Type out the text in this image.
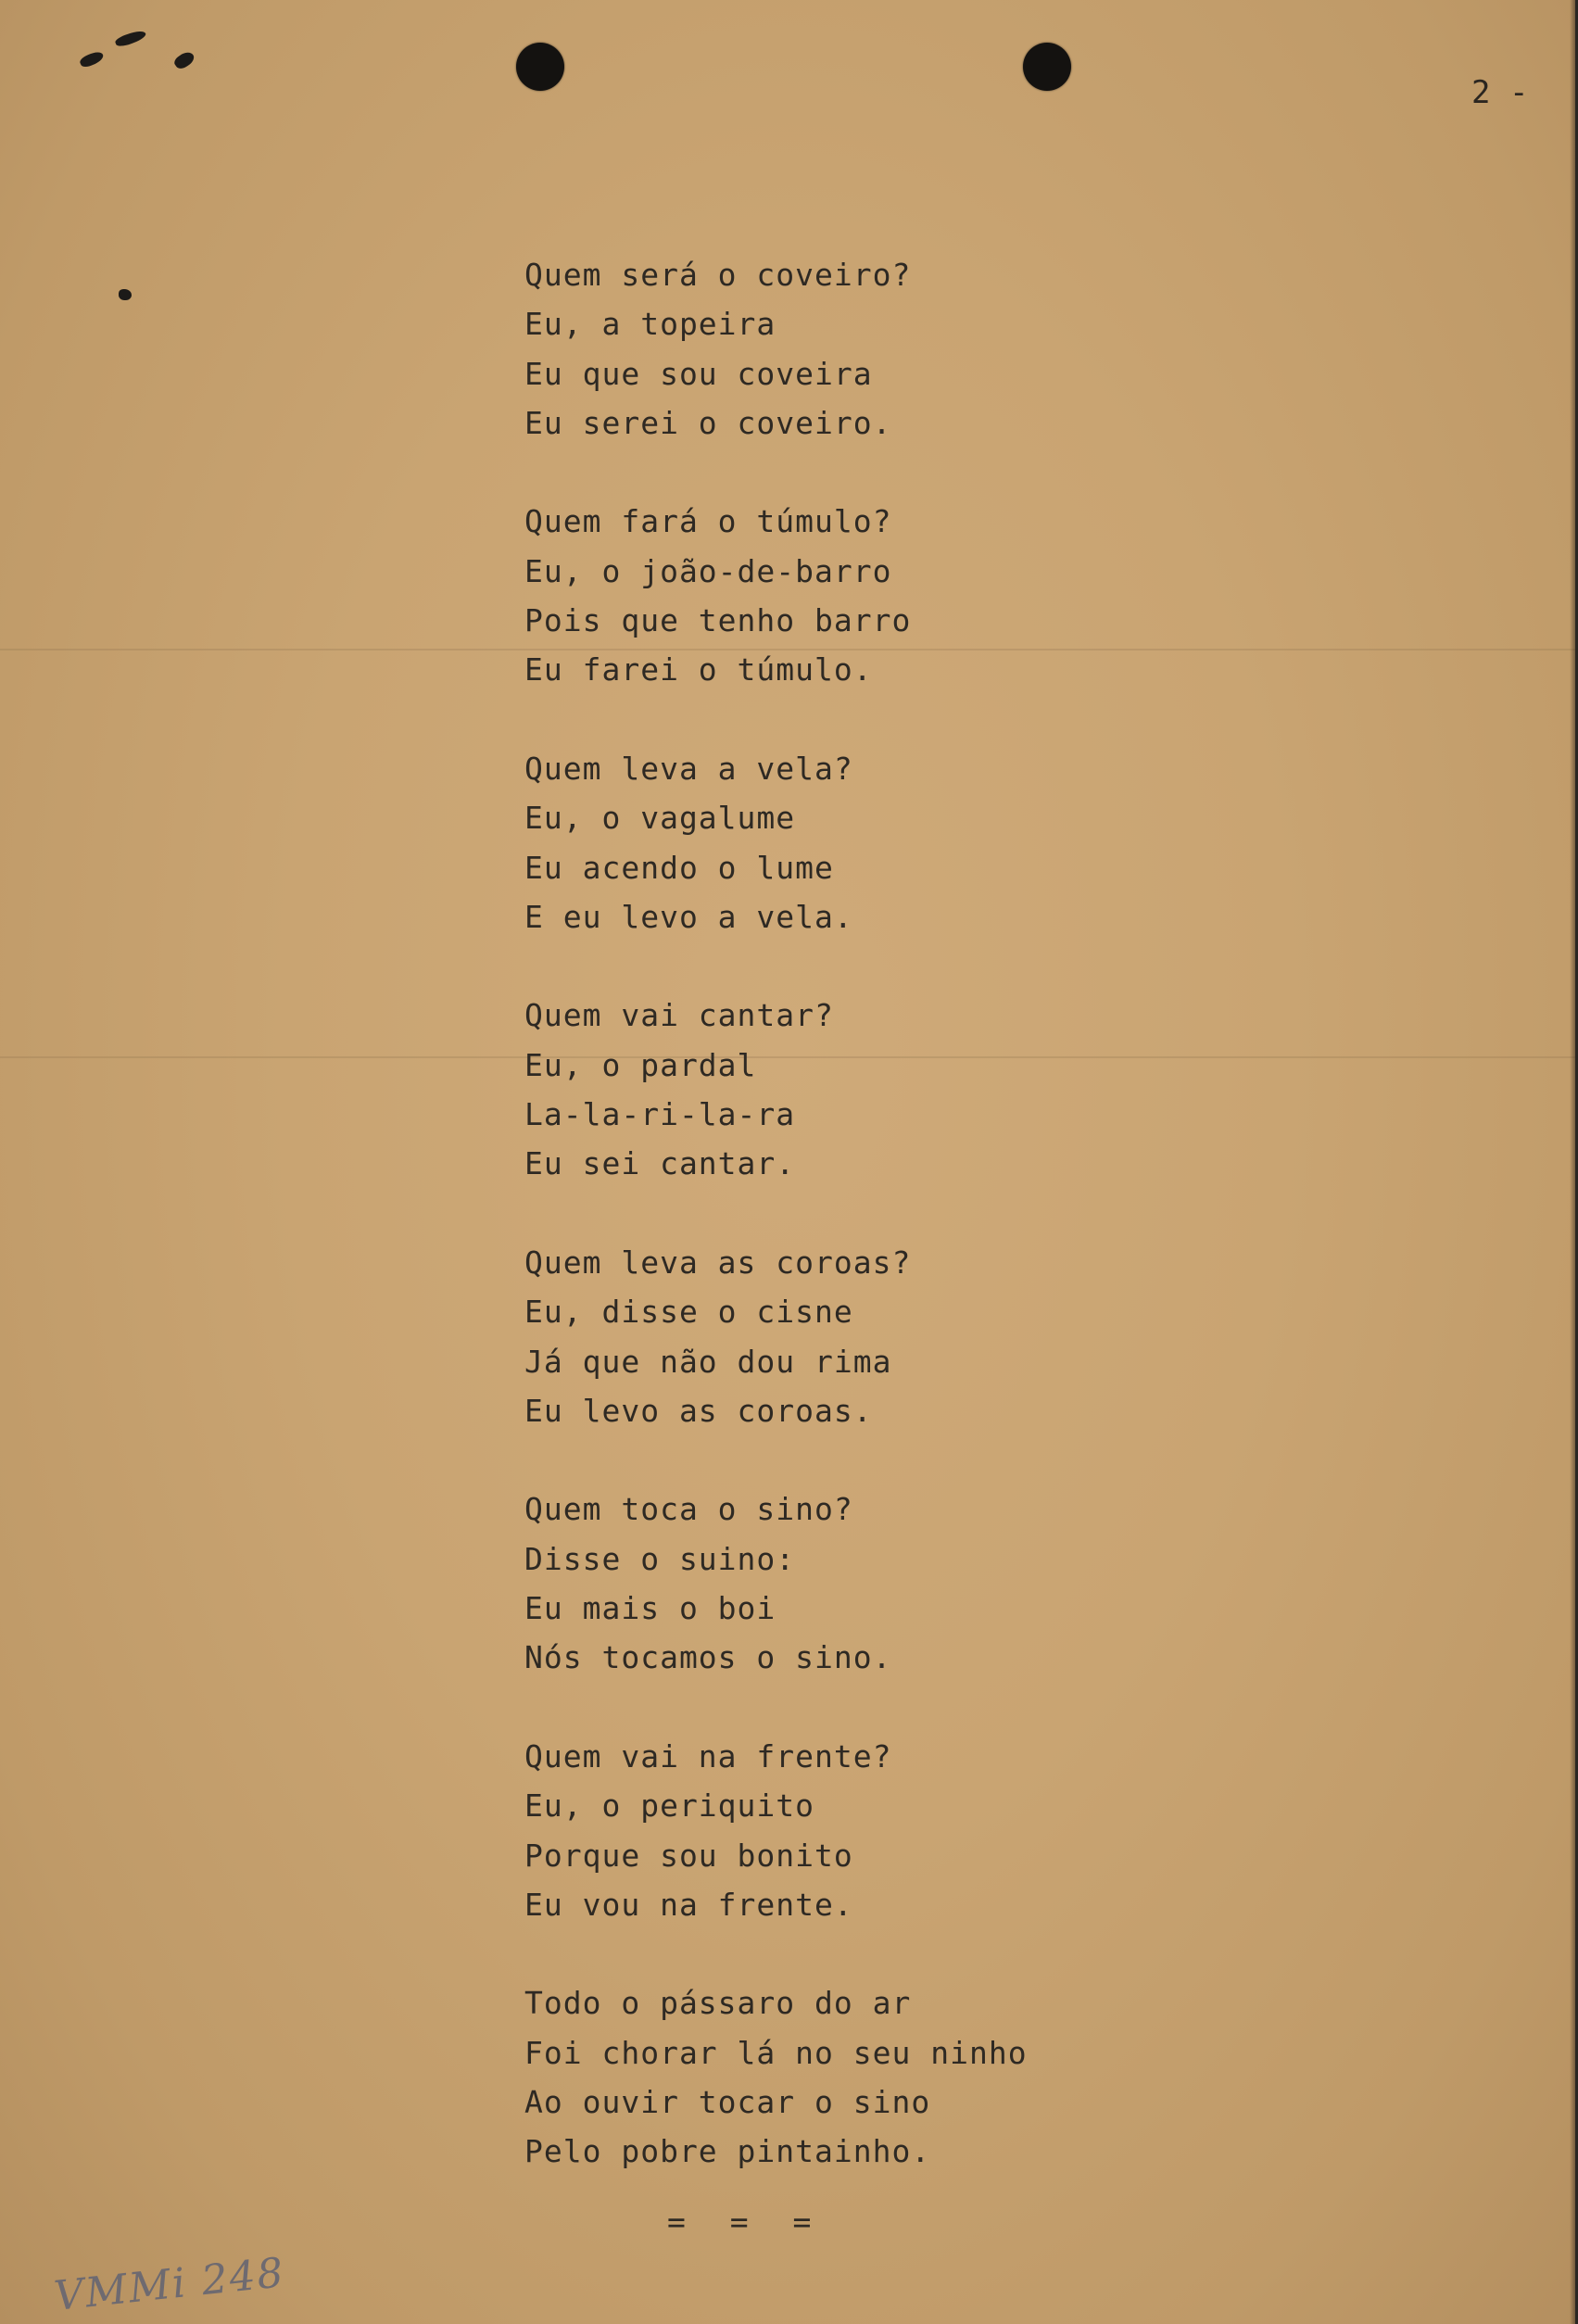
2 -
Quem será o coveiro?
Eu, a topeira
Eu que sou coveira
Eu serei o coveiro.
Quem fará o túmulo?
Eu, o joão-de-barro
Pois que tenho barro
Eu farei o túmulo.
Quem leva a vela?
Eu, o vagalume
Eu acendo o lume
E eu levo a vela.
Quem vai cantar?
Eu, o pardal
La-la-ri-la-ra
Eu sei cantar.
Quem leva as coroas?
Eu, disse o cisne
Já que não dou rima
Eu levo as coroas.
Quem toca o sino?
Disse o suino:
Eu mais o boi
Nós tocamos o sino.
Quem vai na frente?
Eu, o periquito
Porque sou bonito
Eu vou na frente.
Todo o pássaro do ar
Foi chorar lá no seu ninho
Ao ouvir tocar o sino
Pelo pobre pintainho.
= = =
VMMi 248
